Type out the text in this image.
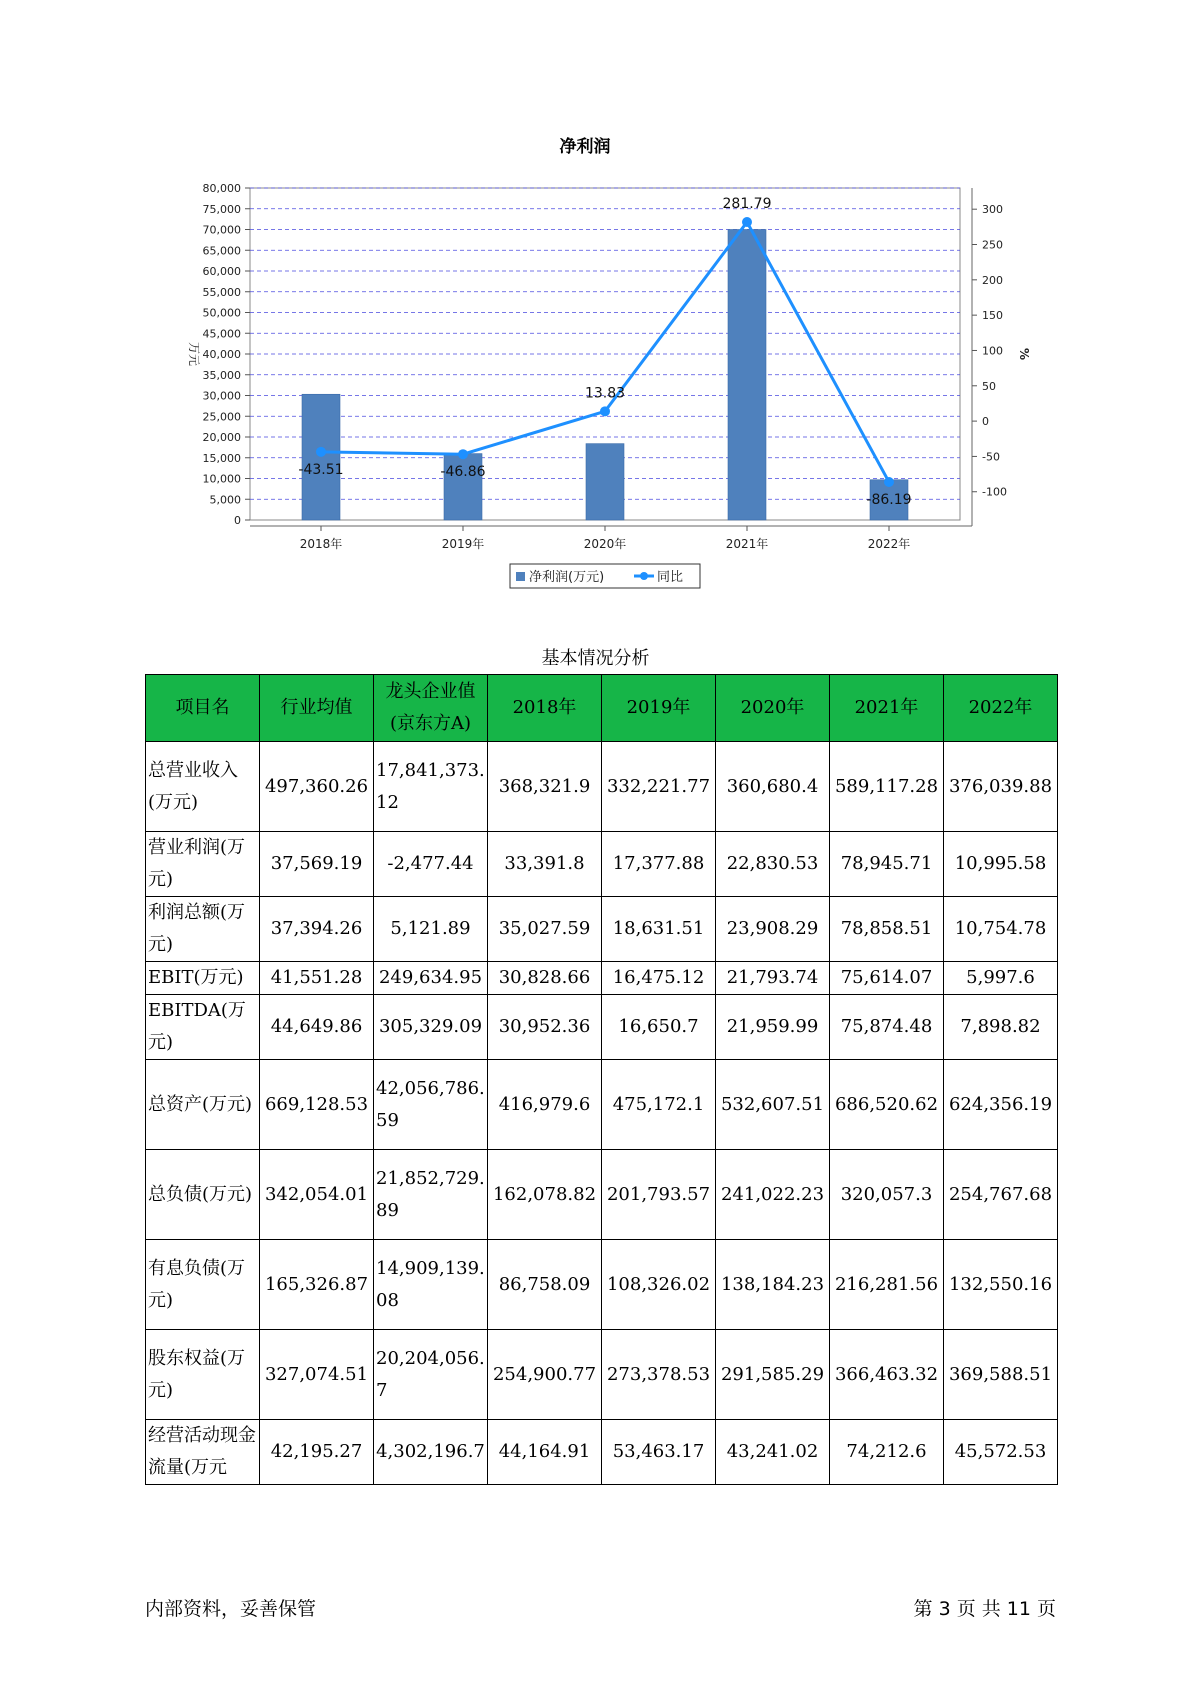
净利润
0
5,000
10,000
15,000
20,000
25,000
30,000
35,000
40,000
45,000
50,000
55,000
60,000
65,000
70,000
75,000
80,000
-100
-50
0
50
100
150
200
250
300
万元	%
2018年	2019年	2020年	2021年	2022年
-43.51	-46.86
13.83
281.79
-86.19
净利润(万元)	同比
基本情况分析
项目名	行业均值	龙头企业值(京东方A)	2018年	2019年	2020年	2021年	2022年
总营业收入(万元)	497,360.26	17,841,373.12	368,321.9	332,221.77	360,680.4	589,117.28	376,039.88
营业利润(万元)	37,569.19	-2,477.44	33,391.8	17,377.88	22,830.53	78,945.71	10,995.58
利润总额(万元)	37,394.26	5,121.89	35,027.59	18,631.51	23,908.29	78,858.51	10,754.78
EBIT(万元)	41,551.28	249,634.95	30,828.66	16,475.12	21,793.74	75,614.07	5,997.6
EBITDA(万元)	44,649.86	305,329.09	30,952.36	16,650.7	21,959.99	75,874.48	7,898.82
总资产(万元)	669,128.53	42,056,786.59	416,979.6	475,172.1	532,607.51	686,520.62	624,356.19
总负债(万元)	342,054.01	21,852,729.89	162,078.82	201,793.57	241,022.23	320,057.3	254,767.68
有息负债(万元)	165,326.87	14,909,139.08	86,758.09	108,326.02	138,184.23	216,281.56	132,550.16
股东权益(万元)	327,074.51	20,204,056.7	254,900.77	273,378.53	291,585.29	366,463.32	369,588.51
经营活动现金流量(万元	42,195.27	4,302,196.7	44,164.91	53,463.17	43,241.02	74,212.6	45,572.53
内部资料，妥善保管	第 3 页 共 11 页
